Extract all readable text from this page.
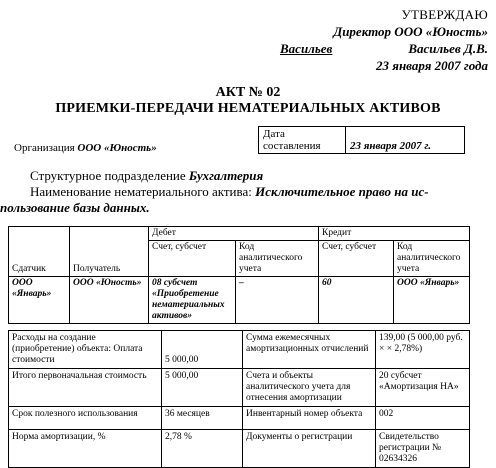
УТВЕРЖДАЮ
Директор ООО «Юность»
Васильев	Васильев Д.В.
23 января 2007 года
АКТ № 02
ПРИЕМКИ-ПЕРЕДАЧИ НЕМАТЕРИАЛЬНЫХ АКТИВОВ
Организация ООО «Юность»
Дата
составления	23 января 2007 г.
Структурное подразделение Бухгалтерия
Наименование нематериального актива: Исключительное право на ис-
пользование базы данных.
Сдатчик	Получатель	Дебет		Кредит	
		Счет, субсчет	Код аналитического учета	Счет, субсчет	Код аналитического учета
ООО «Январь»	ООО «Юность»	08 субсчет «Приобретение нематериальных активов»	–	60	ООО «Январь»
Расходы на создание (приобретение) объекта: Оплата стоимости	5 000,00	Сумма ежемесячных амортизационных отчислений	139,00 (5 000,00 руб. × × 2,78%)
Итого первоначальная стоимость	5 000,00	Счета и объекты аналитического учета для отнесения амортизации	20 субсчет «Амортизация НА»
Срок полезного использования	36 месяцев	Инвентарный номер объекта	002
Норма амортизации, %	2,78 %	Документы о регистрации	Свидетельство регистрации № 02634326
